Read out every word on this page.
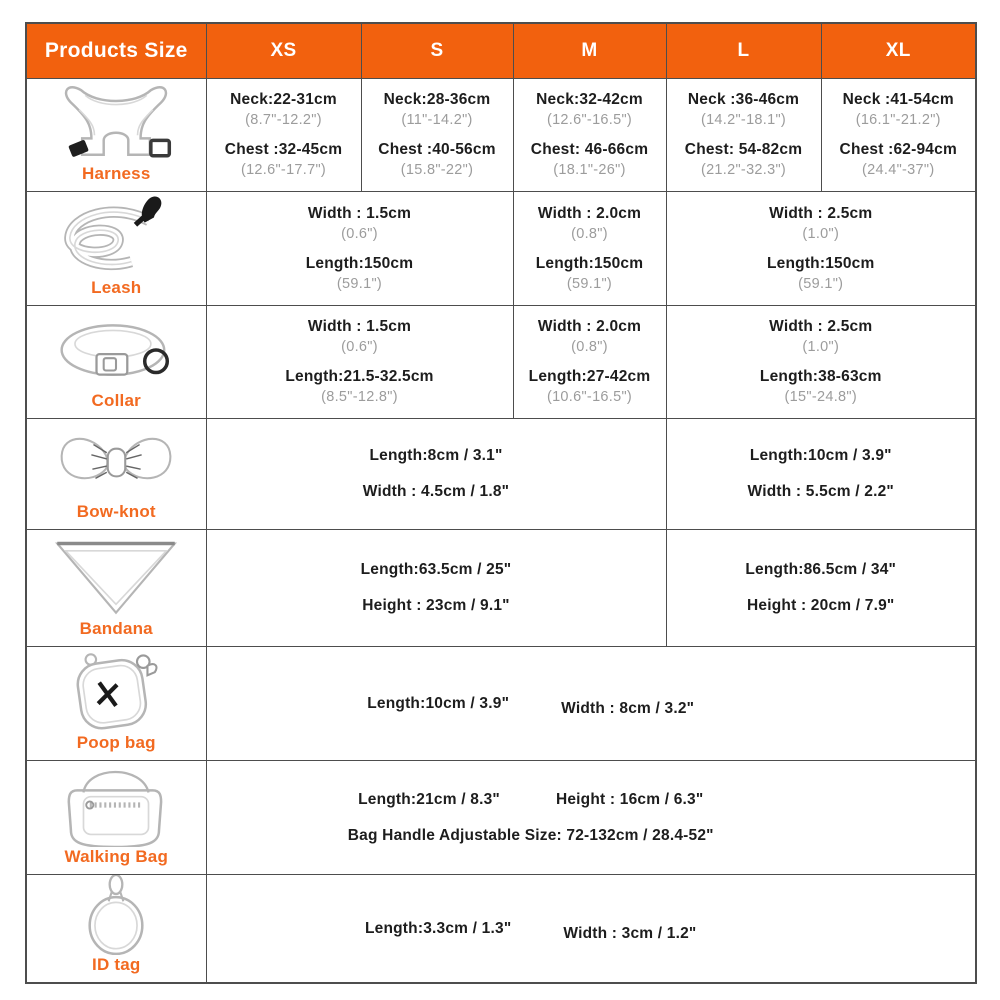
Products Size	XS	S	M	L	XL

Harness

Neck:22-31cm
(8.7"-12.2")
Chest :32-45cm
(12.6"-17.7")

Neck:28-36cm
(11"-14.2")
Chest :40-56cm
(15.8"-22")

Neck:32-42cm
(12.6"-16.5")
Chest: 46-66cm
(18.1"-26")

Neck :36-46cm
(14.2"-18.1")
Chest: 54-82cm
(21.2"-32.3")

Neck :41-54cm
(16.1"-21.2")
Chest :62-94cm
(24.4"-37")

Leash

Width : 1.5cm
(0.6")
Length:150cm
(59.1")

Width : 2.0cm
(0.8")
Length:150cm
(59.1")

Width : 2.5cm
(1.0")
Length:150cm
(59.1")

Collar

Width : 1.5cm
(0.6")
Length:21.5-32.5cm
(8.5"-12.8")

Width : 2.0cm
(0.8")
Length:27-42cm
(10.6"-16.5")

Width : 2.5cm
(1.0")
Length:38-63cm
(15"-24.8")

Bow-knot

Length:8cm / 3.1"
Width : 4.5cm / 1.8"

Length:10cm / 3.9"
Width : 5.5cm / 2.2"

Bandana

Length:63.5cm / 25"
Height : 23cm / 9.1"

Length:86.5cm / 34"
Height : 20cm / 7.9"

Poop bag	Length:10cm / 3.9" Width : 8cm / 3.2"				

Walking Bag	Length:21cm / 8.3" Height : 16cm / 6.3"
Bag Handle Adjustable Size: 72-132cm / 28.4-52"				

ID tag	Length:3.3cm / 1.3" Width : 3cm / 1.2"				
